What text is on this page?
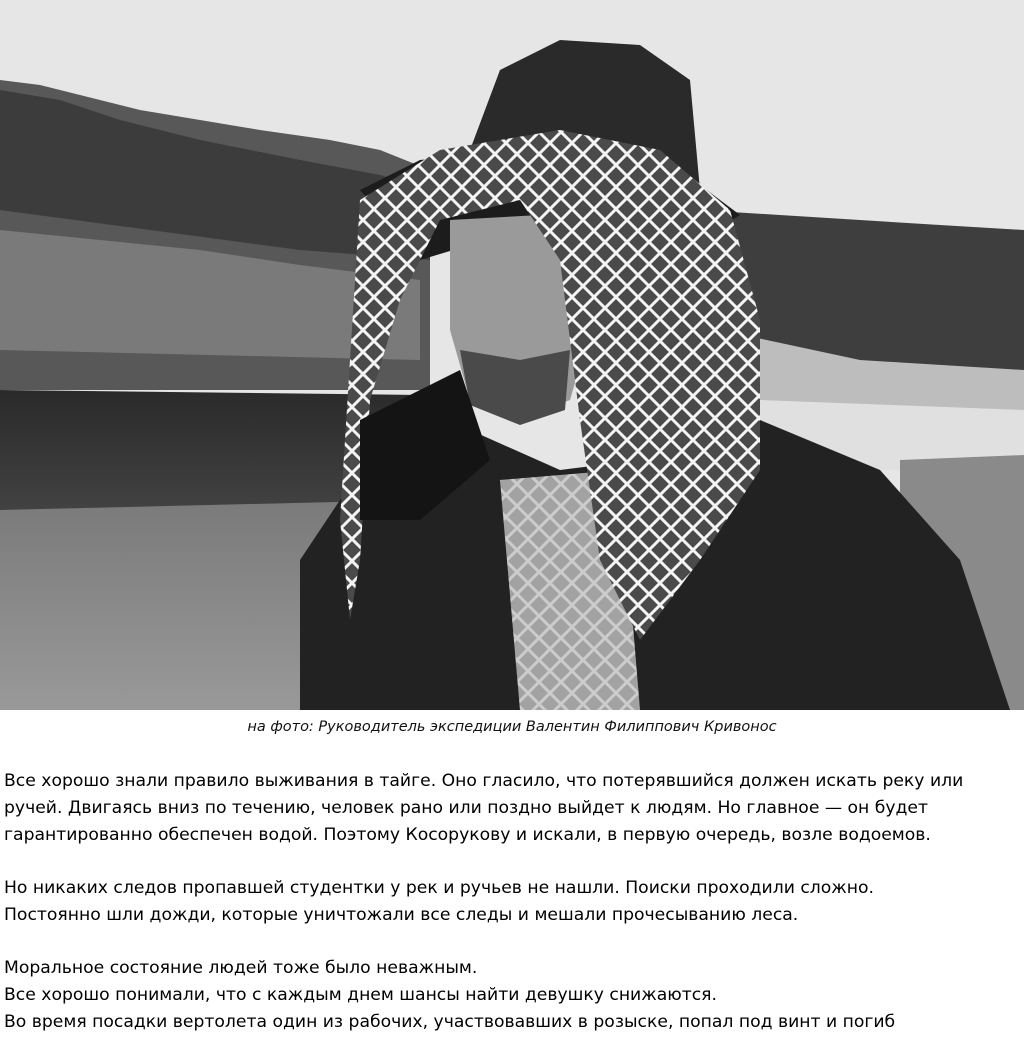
на фото: Руководитель экспедиции Валентин Филиппович Кривонос

Все хорошо знали правило выживания в тайге. Оно гласило, что потерявшийся должен искать реку или
ручей. Двигаясь вниз по течению, человек рано или поздно выйдет к людям. Но главное — он будет
гарантированно обеспечен водой. Поэтому Косорукову и искали, в первую очередь, возле водоемов.

Но никаких следов пропавшей студентки у рек и ручьев не нашли. Поиски проходили сложно.
Постоянно шли дожди, которые уничтожали все следы и мешали прочесыванию леса.

Моральное состояние людей тоже было неважным.
Все хорошо понимали, что с каждым днем шансы найти девушку снижаются.
Во время посадки вертолета один из рабочих, участвовавших в розыске, попал под винт и погиб
